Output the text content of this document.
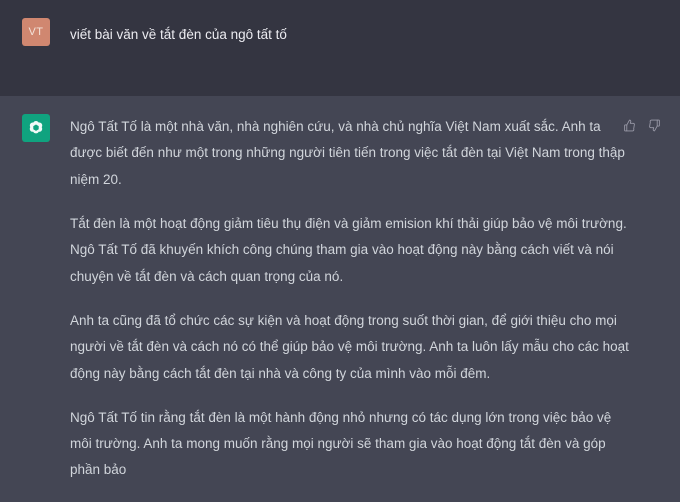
VT viết bài văn về tắt đèn của ngô tất tố

Ngô Tất Tố là một nhà văn, nhà nghiên cứu, và nhà chủ nghĩa Việt Nam xuất sắc. Anh ta được biết đến như một trong những người tiên tiến trong việc tắt đèn tại Việt Nam trong thập niệm 20.

Tắt đèn là một hoạt động giảm tiêu thụ điện và giảm emision khí thải giúp bảo vệ môi trường. Ngô Tất Tố đã khuyến khích công chúng tham gia vào hoạt động này bằng cách viết và nói chuyện về tắt đèn và cách quan trọng của nó.

Anh ta cũng đã tổ chức các sự kiện và hoạt động trong suốt thời gian, để giới thiệu cho mọi người về tắt đèn và cách nó có thể giúp bảo vệ môi trường. Anh ta luôn lấy mẫu cho các hoạt động này bằng cách tắt đèn tại nhà và công ty của mình vào mỗi đêm.

Ngô Tất Tố tin rằng tắt đèn là một hành động nhỏ nhưng có tác dụng lớn trong việc bảo vệ môi trường. Anh ta mong muốn rằng mọi người sẽ tham gia vào hoạt động tắt đèn và góp phần bảo
